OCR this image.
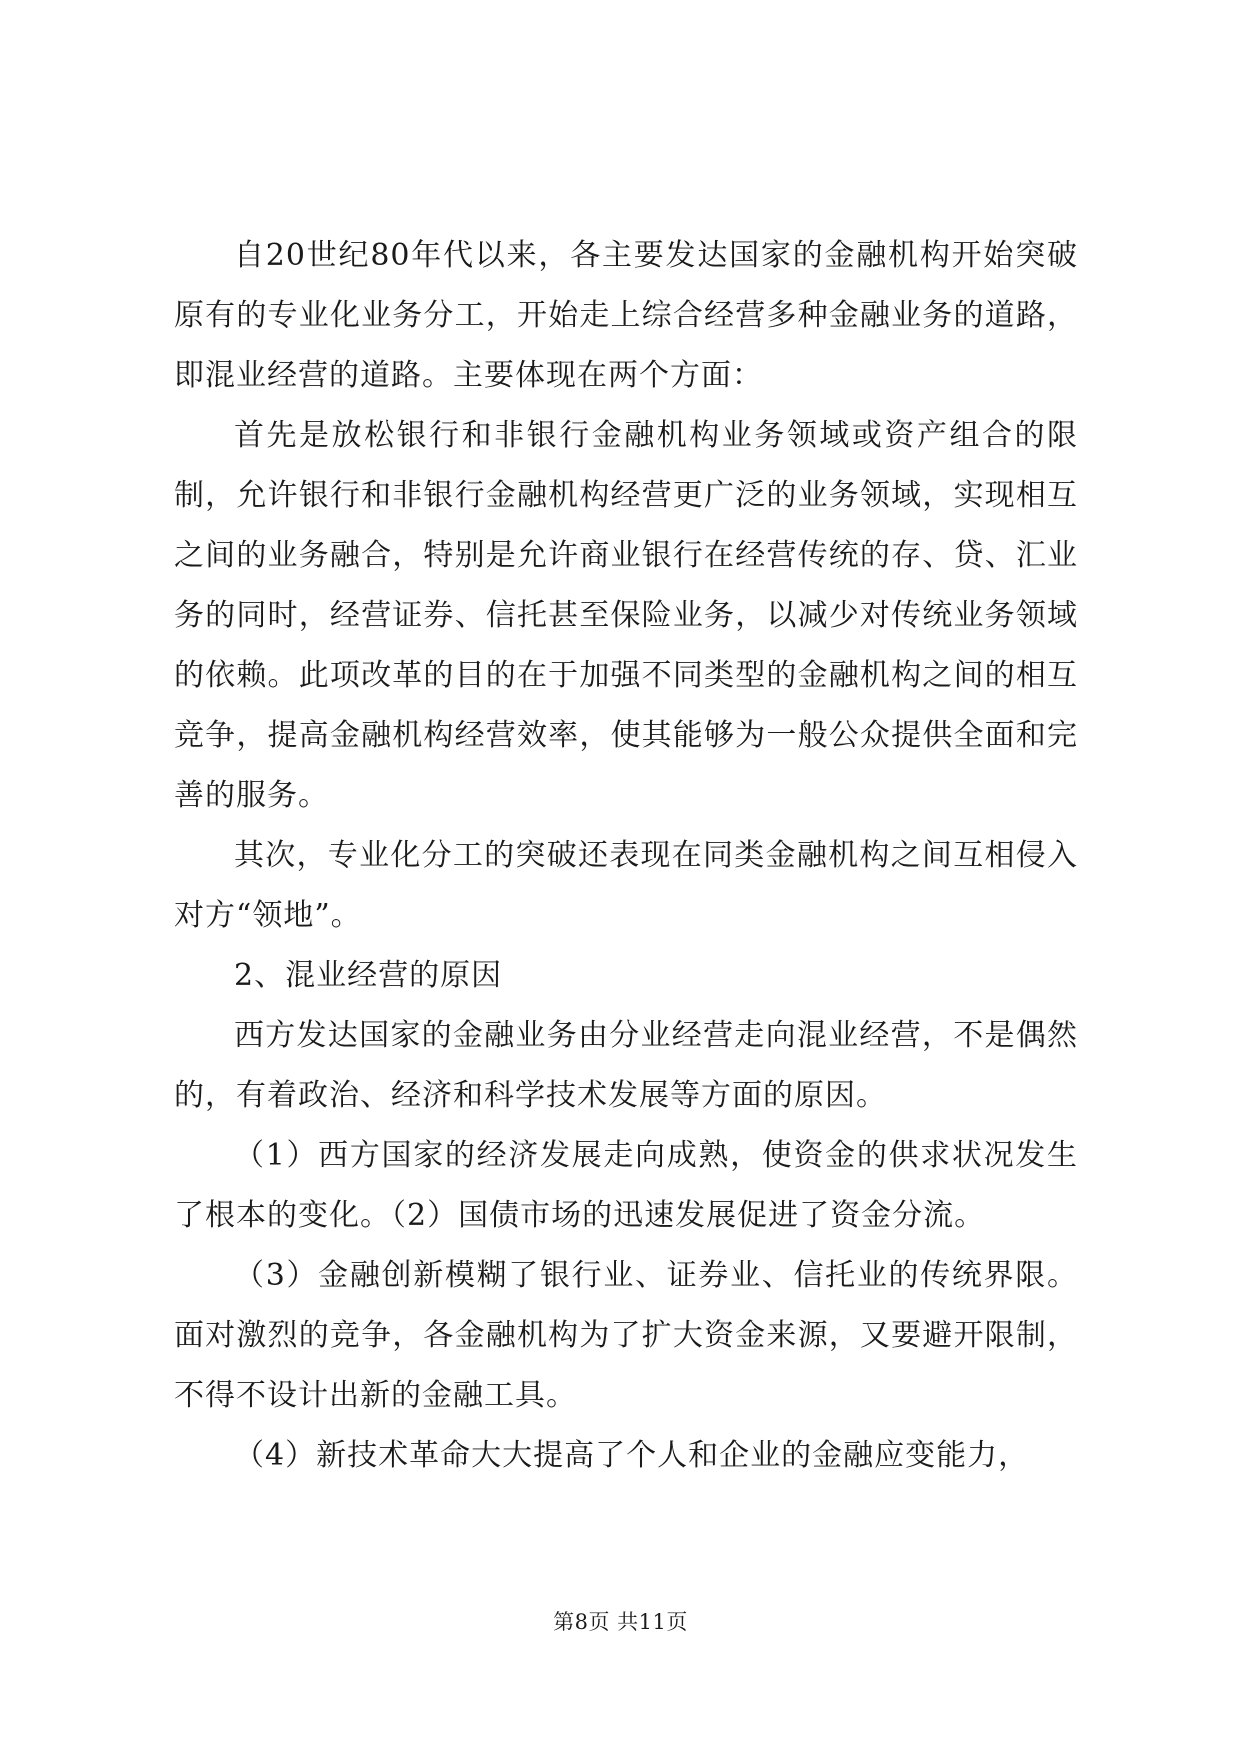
自20世纪80年代以来，各主要发达国家的金融机构开始突破原有的专业化业务分工，开始走上综合经营多种金融业务的道路，即混业经营的道路。主要体现在两个方面：

首先是放松银行和非银行金融机构业务领域或资产组合的限制，允许银行和非银行金融机构经营更广泛的业务领域，实现相互之间的业务融合，特别是允许商业银行在经营传统的存、贷、汇业务的同时，经营证券、信托甚至保险业务，以减少对传统业务领域的依赖。此项改革的目的在于加强不同类型的金融机构之间的相互竞争，提高金融机构经营效率，使其能够为一般公众提供全面和完善的服务。

其次，专业化分工的突破还表现在同类金融机构之间互相侵入对方“领地”。

2、混业经营的原因

西方发达国家的金融业务由分业经营走向混业经营，不是偶然的，有着政治、经济和科学技术发展等方面的原因。

（1）西方国家的经济发展走向成熟，使资金的供求状况发生了根本的变化。（2）国债市场的迅速发展促进了资金分流。

（3）金融创新模糊了银行业、证券业、信托业的传统界限。面对激烈的竞争，各金融机构为了扩大资金来源，又要避开限制，不得不设计出新的金融工具。

（4）新技术革命大大提高了个人和企业的金融应变能力，

第8页 共11页
